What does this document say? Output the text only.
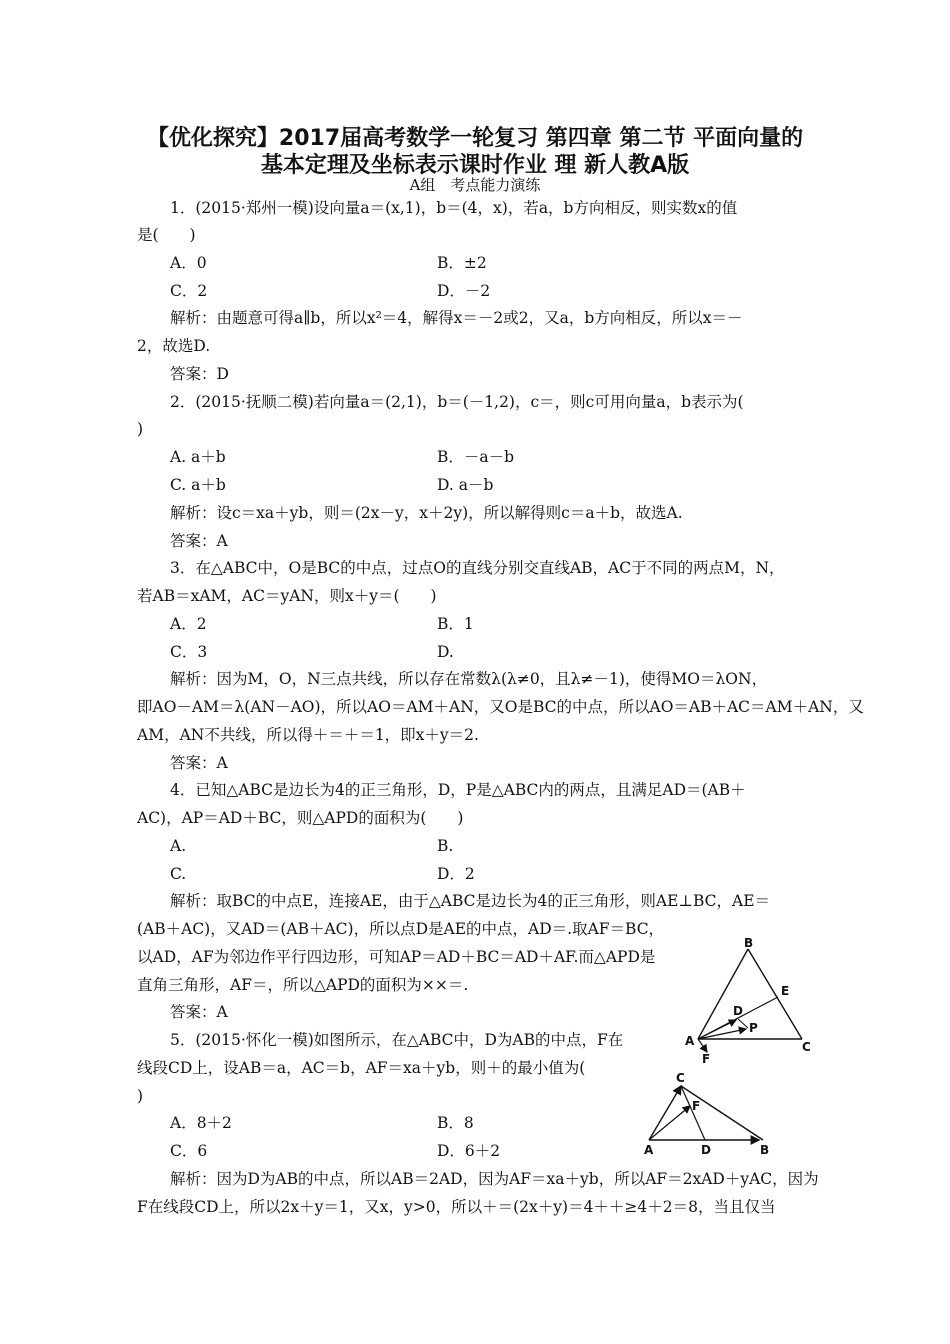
【优化探究】2017届高考数学一轮复习 第四章 第二节 平面向量的
基本定理及坐标表示课时作业 理 新人教A版
A组　考点能力演练
1．(2015·郑州一模)设向量a＝(x,1)，b＝(4，x)，若a，b方向相反，则实数x的值
是(　　)
A．0	B．±2
C．2	D．－2
解析：由题意可得a∥b，所以x²＝4，解得x＝－2或2，又a，b方向相反，所以x＝－
2，故选D.
答案：D
2．(2015·抚顺二模)若向量a＝(2,1)，b＝(－1,2)，c＝，则c可用向量a，b表示为(
)
A. a＋b	B．－a－b
C. a＋b	D. a－b
解析：设c＝xa＋yb，则＝(2x－y，x＋2y)，所以解得则c＝a＋b，故选A.
答案：A
3．在△ABC中，O是BC的中点，过点O的直线分别交直线AB，AC于不同的两点M，N，
若AB＝xAM，AC＝yAN，则x＋y＝(　　)
A．2	B．1
C．3	D.
解析：因为M，O，N三点共线，所以存在常数λ(λ≠0，且λ≠－1)，使得MO＝λON，
即AO－AM＝λ(AN－AO)，所以AO＝AM＋AN，又O是BC的中点，所以AO＝AB＋AC＝AM＋AN，又
AM，AN不共线，所以得＋＝＋＝1，即x＋y＝2.
答案：A
4．已知△ABC是边长为4的正三角形，D，P是△ABC内的两点，且满足AD＝(AB＋
AC)，AP＝AD＋BC，则△APD的面积为(　　)
A.	B.
C.	D．2
解析：取BC的中点E，连接AE，由于△ABC是边长为4的正三角形，则AE⊥BC，AE＝
(AB＋AC)，又AD＝(AB＋AC)，所以点D是AE的中点，AD＝.取AF＝BC，
以AD，AF为邻边作平行四边形，可知AP＝AD＋BC＝AD＋AF.而△APD是
直角三角形，AF＝，所以△APD的面积为××＝.
答案：A
B
E
D
P
A	C
F
5．(2015·怀化一模)如图所示，在△ABC中，D为AB的中点，F在
线段CD上，设AB＝a，AC＝b，AF＝xa＋yb，则＋的最小值为(
)
A．8＋2	B．8
C．6	D．6＋2
解析：因为D为AB的中点，所以AB＝2AD，因为AF＝xa＋yb，所以AF＝2xAD＋yAC，因为
F在线段CD上，所以2x＋y＝1，又x，y>0，所以＋＝(2x＋y)＝4＋＋≥4＋2＝8，当且仅当
C
F
A	D	B
